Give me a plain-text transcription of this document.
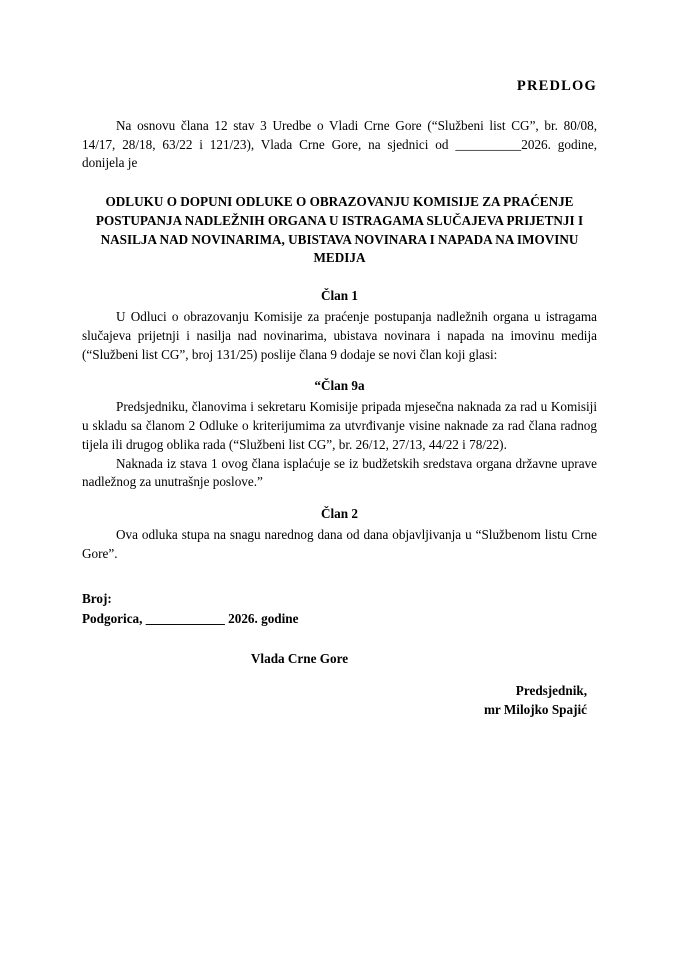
PREDLOG

Na osnovu člana 12 stav 3 Uredbe o Vladi Crne Gore (“Službeni list CG”, br. 80/08, 14/17, 28/18, 63/22 i 121/23), Vlada Crne Gore, na sjednici od __________2026. godine, donijela je

ODLUKU O DOPUNI ODLUKE O OBRAZOVANJU KOMISIJE ZA PRAĆENJE POSTUPANJA NADLEŽNIH ORGANA U ISTRAGAMA SLUČAJEVA PRIJETNJI I NASILJA NAD NOVINARIMA, UBISTAVA NOVINARA I NAPADA NA IMOVINU MEDIJA
Član 1

U Odluci o obrazovanju Komisije za praćenje postupanja nadležnih organa u istragama slučajeva prijetnji i nasilja nad novinarima, ubistava novinara i napada na imovinu medija (“Službeni list CG”, broj 131/25) poslije člana 9 dodaje se novi član koji glasi:

“Član 9a

Predsjedniku, članovima i sekretaru Komisije pripada mjesečna naknada za rad u Komisiji u skladu sa članom 2 Odluke o kriterijumima za utvrđivanje visine naknade za rad člana radnog tijela ili drugog oblika rada (“Službeni list CG”, br. 26/12, 27/13, 44/22 i 78/22).

Naknada iz stava 1 ovog člana isplaćuje se iz budžetskih sredstava organa državne uprave nadležnog za unutrašnje poslove.”

Član 2

Ova odluka stupa na snagu narednog dana od dana objavljivanja u “Službenom listu Crne Gore”.

Broj:
Podgorica, ____________ 2026. godine
Vlada Crne Gore
Predsjednik,
mr Milojko Spajić
